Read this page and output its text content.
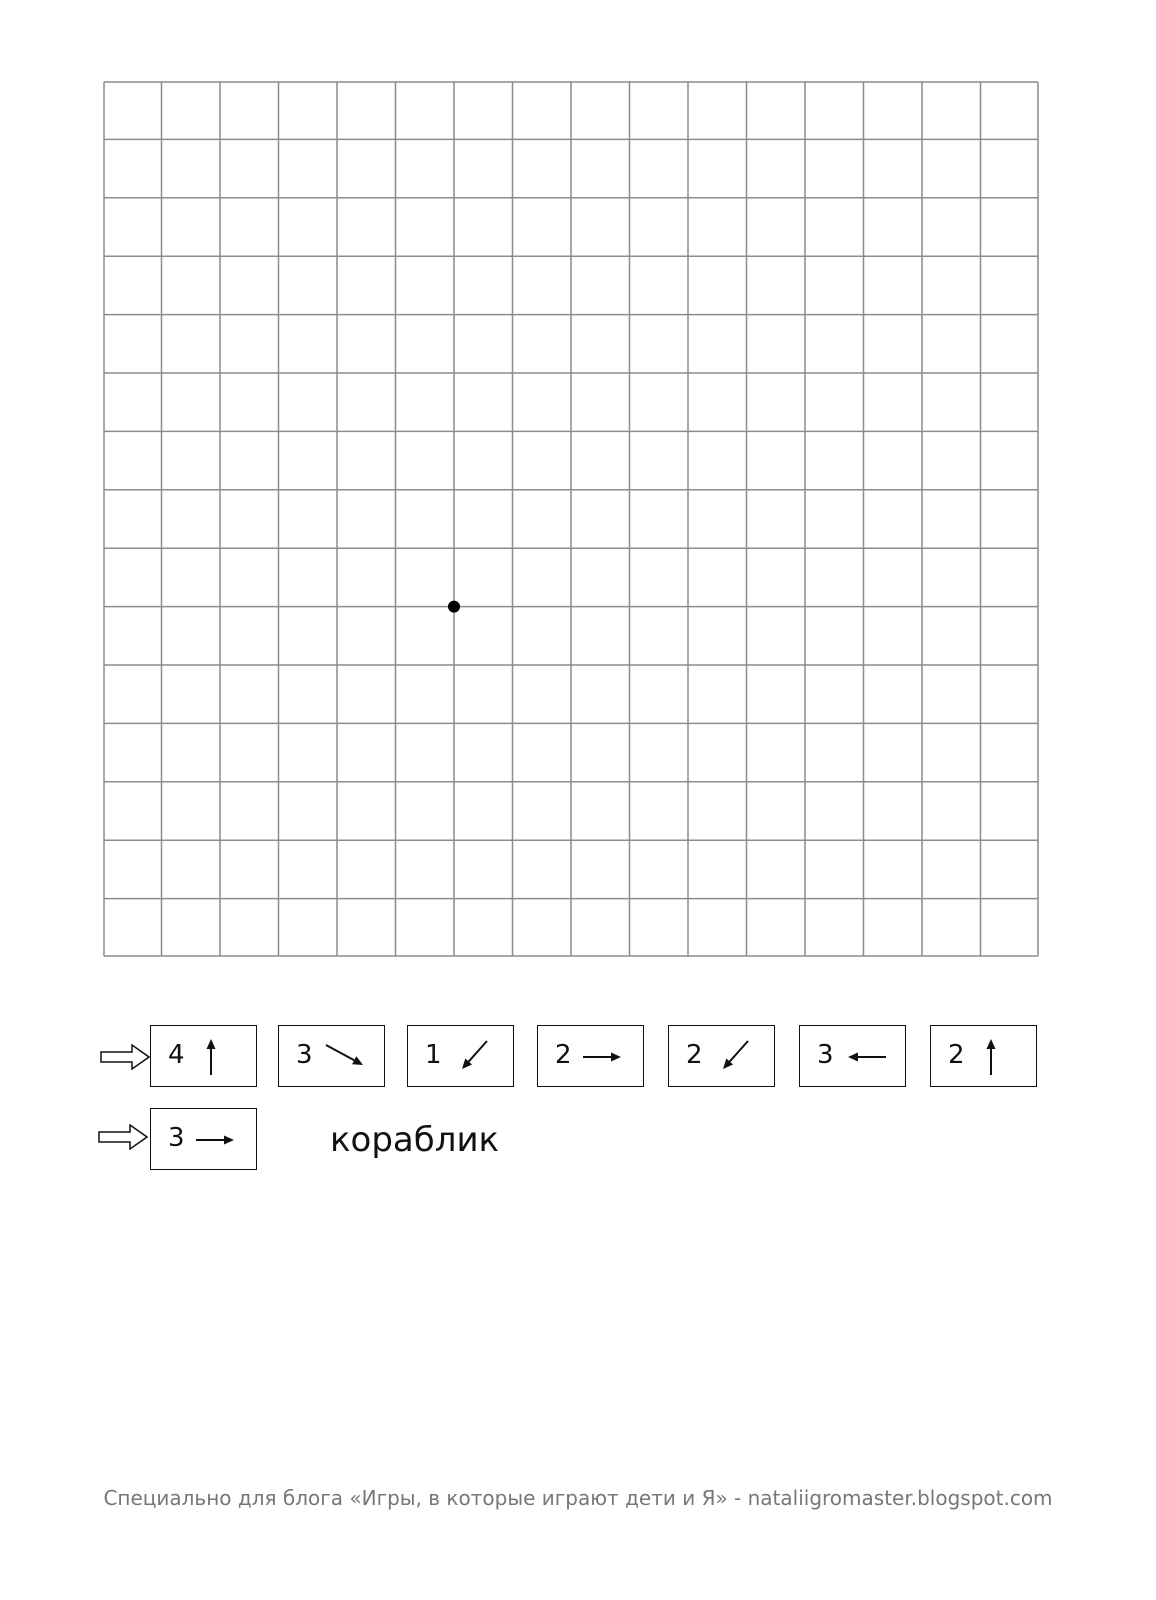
4	3	1	2	2	3	2
3	кораблик
Специально для блога «Игры, в которые играют дети и Я» - nataliigromaster.blogspot.com
